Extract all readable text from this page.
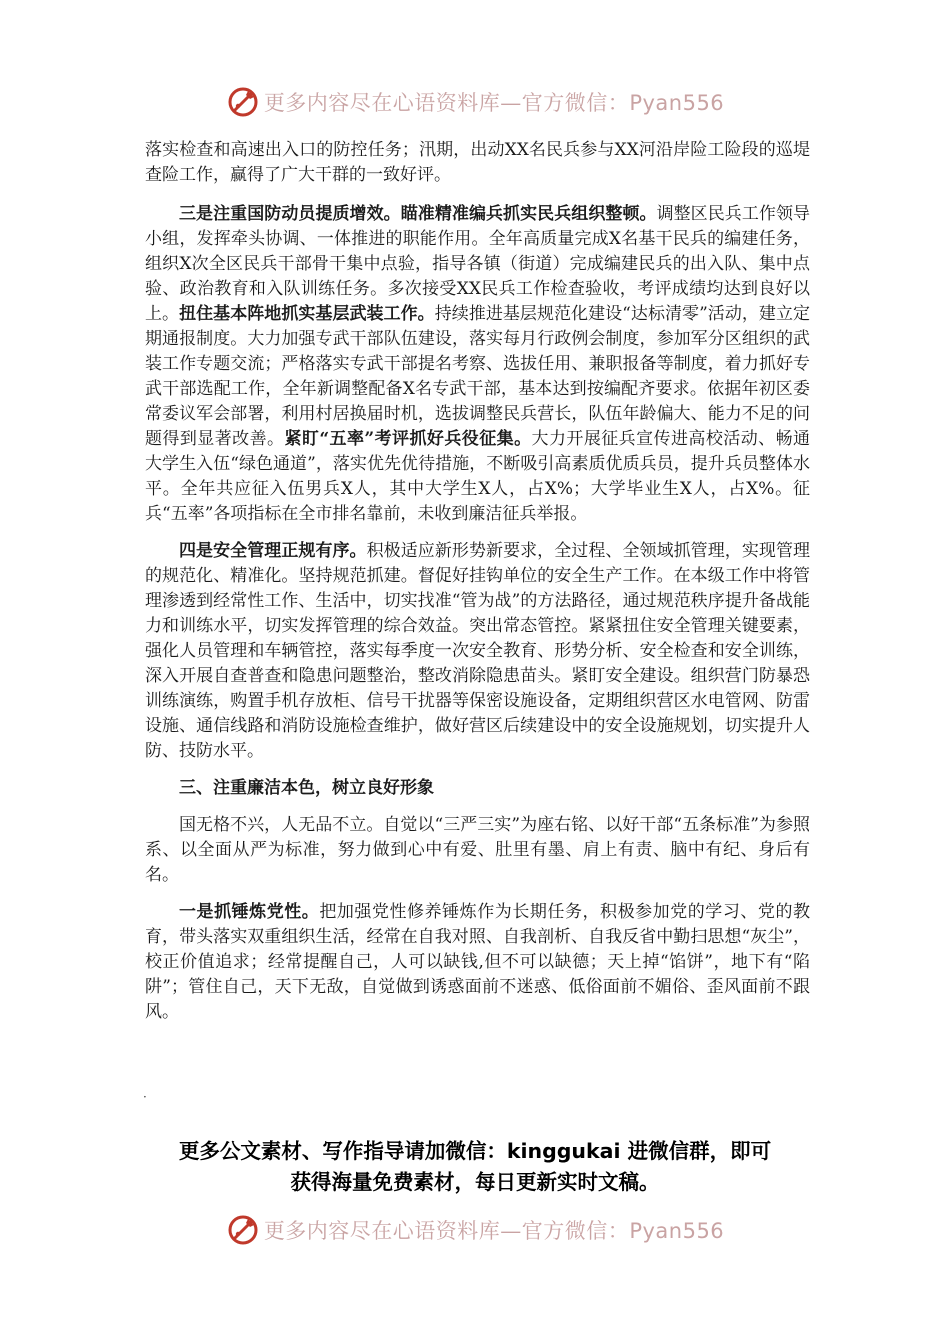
更多内容尽在心语资料库—官方微信：Pyan556

落实检查和高速出入口的防控任务；汛期，出动XX名民兵参与XX河沿岸险工险段的巡堤查险工作，赢得了广大干群的一致好评。

三是注重国防动员提质增效。瞄准精准编兵抓实民兵组织整顿。调整区民兵工作领导小组，发挥牵头协调、一体推进的职能作用。全年高质量完成X名基干民兵的编建任务，组织X次全区民兵干部骨干集中点验，指导各镇（街道）完成编建民兵的出入队、集中点验、政治教育和入队训练任务。多次接受XX民兵工作检查验收，考评成绩均达到良好以上。扭住基本阵地抓实基层武装工作。持续推进基层规范化建设“达标清零”活动，建立定期通报制度。大力加强专武干部队伍建设，落实每月行政例会制度，参加军分区组织的武装工作专题交流；严格落实专武干部提名考察、选拔任用、兼职报备等制度，着力抓好专武干部选配工作，全年新调整配备X名专武干部，基本达到按编配齐要求。依据年初区委常委议军会部署，利用村居换届时机，选拔调整民兵营长，队伍年龄偏大、能力不足的问题得到显著改善。紧盯“五率”考评抓好兵役征集。大力开展征兵宣传进高校活动、畅通大学生入伍“绿色通道”，落实优先优待措施，不断吸引高素质优质兵员，提升兵员整体水平。全年共应征入伍男兵X人，其中大学生X人，占X%；大学毕业生X人，占X%。征兵“五率”各项指标在全市排名靠前，未收到廉洁征兵举报。

四是安全管理正规有序。积极适应新形势新要求，全过程、全领域抓管理，实现管理的规范化、精准化。坚持规范抓建。督促好挂钩单位的安全生产工作。在本级工作中将管理渗透到经常性工作、生活中，切实找准“管为战”的方法路径，通过规范秩序提升备战能力和训练水平，切实发挥管理的综合效益。突出常态管控。紧紧扭住安全管理关键要素，强化人员管理和车辆管控，落实每季度一次安全教育、形势分析、安全检查和安全训练，深入开展自查普查和隐患问题整治，整改消除隐患苗头。紧盯安全建设。组织营门防暴恐训练演练，购置手机存放柜、信号干扰器等保密设施设备，定期组织营区水电管网、防雷设施、通信线路和消防设施检查维护，做好营区后续建设中的安全设施规划，切实提升人防、技防水平。

三、注重廉洁本色，树立良好形象

国无格不兴，人无品不立。自觉以“三严三实”为座右铭、以好干部“五条标准”为参照系、以全面从严为标准，努力做到心中有爱、肚里有墨、肩上有责、脑中有纪、身后有名。

一是抓锤炼党性。把加强党性修养锤炼作为长期任务，积极参加党的学习、党的教育，带头落实双重组织生活，经常在自我对照、自我剖析、自我反省中勤扫思想“灰尘”，校正价值追求；经常提醒自己，人可以缺钱,但不可以缺德；天上掉“馅饼”，地下有“陷阱”；管住自己，天下无敌，自觉做到诱惑面前不迷惑、低俗面前不媚俗、歪风面前不跟风。

·
更多公文素材、写作指导请加微信：kinggukai 进微信群，即可
获得海量免费素材，每日更新实时文稿。
更多内容尽在心语资料库—官方微信：Pyan556
